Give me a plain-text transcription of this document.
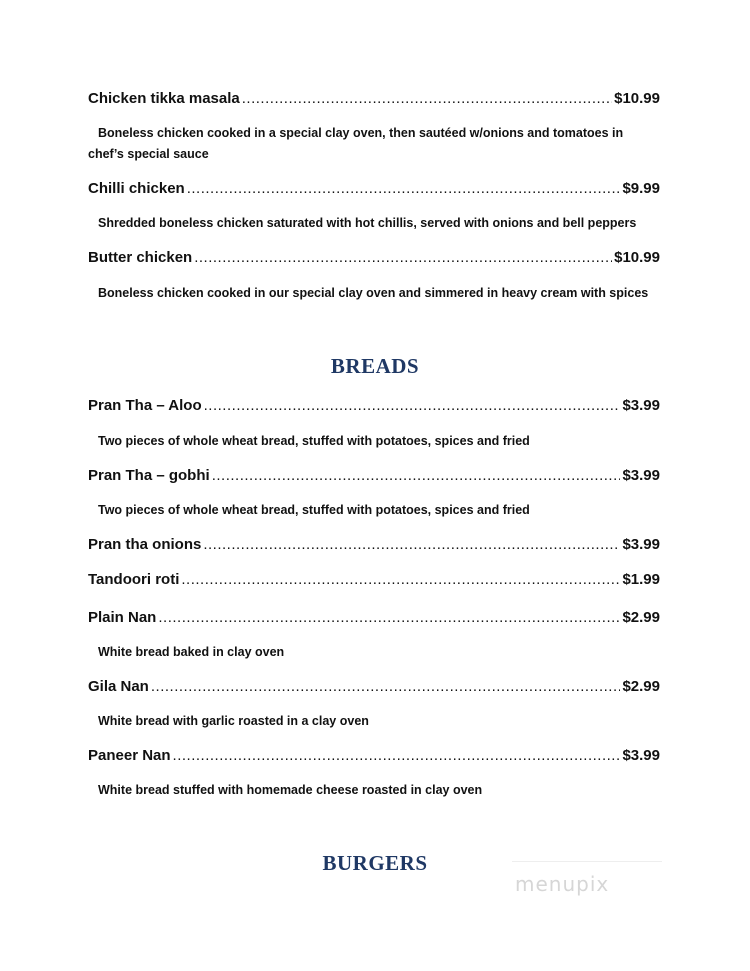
Chicken tikka masala .....	$10.99
Boneless chicken cooked in a special clay oven, then sautéed w/onions and tomatoes in chef’s special sauce
Chilli chicken .....	$9.99
Shredded boneless chicken saturated with hot chillis, served with onions and bell peppers
Butter chicken .....	$10.99
Boneless chicken cooked in our special clay oven and simmered in heavy cream with spices
BREADS
Pran Tha – Aloo .....	$3.99
Two pieces of whole wheat bread, stuffed with potatoes, spices and fried
Pran Tha – gobhi .....	$3.99
Two pieces of whole wheat bread, stuffed with potatoes, spices and fried
Pran tha onions .....	$3.99
Tandoori roti .....	$1.99
Plain Nan .....	$2.99
White bread baked in clay oven
Gila Nan .....	$2.99
White bread with garlic roasted in a clay oven
Paneer Nan .....	$3.99
White bread stuffed with homemade cheese roasted in clay oven
BURGERS
menupix
